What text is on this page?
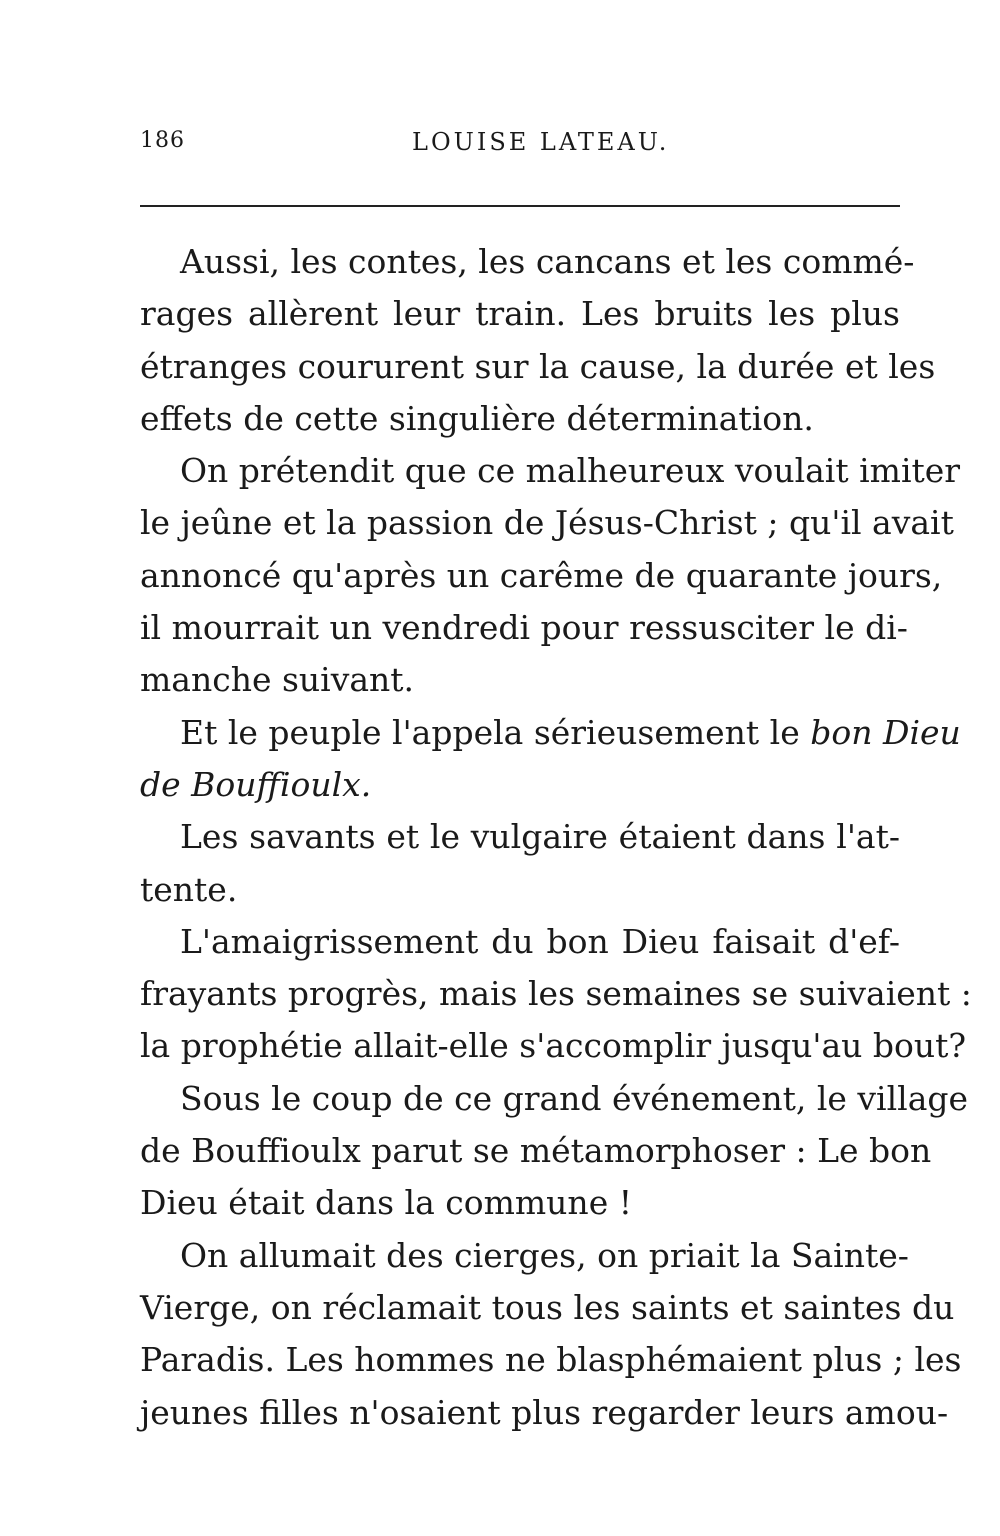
186	LOUISE LATEAU.
Aussi, les contes, les cancans et les commé-
rages allèrent leur train. Les bruits les plus
étranges coururent sur la cause, la durée et les
effets de cette singulière détermination.
On prétendit que ce malheureux voulait imiter
le jeûne et la passion de Jésus-Christ ; qu'il avait
annoncé qu'après un carême de quarante jours,
il mourrait un vendredi pour ressusciter le di-
manche suivant.
Et le peuple l'appela sérieusement le bon Dieu
de Bouffioulx.
Les savants et le vulgaire étaient dans l'at-
tente.
L'amaigrissement du bon Dieu faisait d'ef-
frayants progrès, mais les semaines se suivaient :
la prophétie allait-elle s'accomplir jusqu'au bout?
Sous le coup de ce grand événement, le village
de Bouffioulx parut se métamorphoser : Le bon
Dieu était dans la commune !
On allumait des cierges, on priait la Sainte-
Vierge, on réclamait tous les saints et saintes du
Paradis. Les hommes ne blasphémaient plus ; les
jeunes filles n'osaient plus regarder leurs amou-
